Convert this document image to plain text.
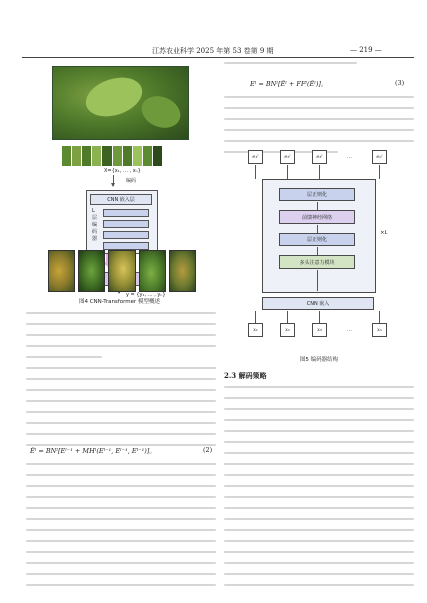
江苏农业科学 2025 年第 53 卷第 9 期	— 219 —
X={x₁, … , xₙ}
编码
CNN 嵌入层
L
层
编
码
器
y = {y₁, … , yₙ}
图4 CNN-Transformer 模型概述
Ẽˡ = BNˡ[Eˡ⁻¹ + MHˡ(Eˡ⁻¹, Eˡ⁻¹, Eˡ⁻¹)]。	(2)
Eˡ = BNˡ[Ẽˡ + FFˡ(Ẽˡ)]。	(3)
e₁ˡ	e₂ˡ	e₃ˡ	…	eₙˡ
层正则化
前馈神经网络
层正则化
多头注意力模块
×L
CNN 嵌入
x₁	x₂	x₃	…	xₙ
图5 编码器结构
2.3 解码策略
